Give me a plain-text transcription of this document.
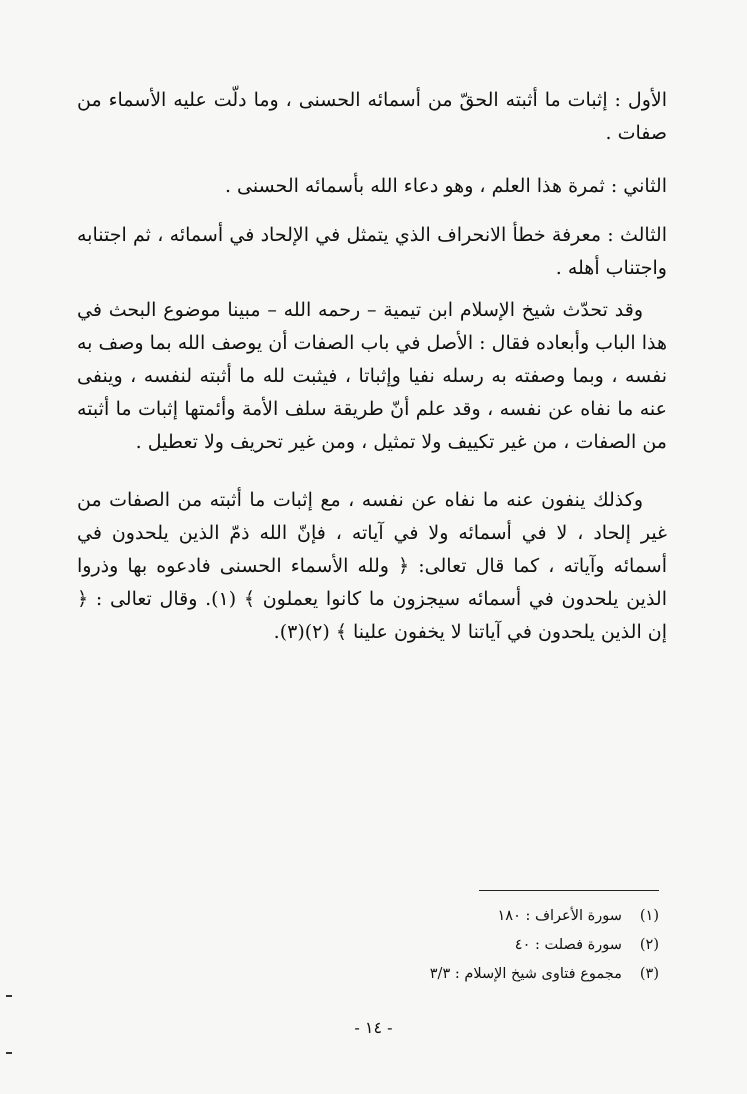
الأول : إثبات ما أثبته الحقّ من أسمائه الحسنى ، وما دلّت عليه الأسماء من صفات .

الثاني : ثمرة هذا العلم ، وهو دعاء الله بأسمائه الحسنى .

الثالث : معرفة خطأ الانحراف الذي يتمثل في الإلحاد في أسمائه ، ثم اجتنابه واجتناب أهله .

وقد تحدّث شيخ الإسلام ابن تيمية – رحمه الله – مبينا موضوع البحث في هذا الباب وأبعاده فقال : الأصل في باب الصفات أن يوصف الله بما وصف به نفسه ، وبما وصفته به رسله نفيا وإثباتا ، فيثبت لله ما أثبته لنفسه ، وينفى عنه ما نفاه عن نفسه ، وقد علم أنّ طريقة سلف الأمة وأئمتها إثبات ما أثبته من الصفات ، من غير تكييف ولا تمثيل ، ومن غير تحريف ولا تعطيل .

وكذلك ينفون عنه ما نفاه عن نفسه ، مع إثبات ما أثبته من الصفات من غير إلحاد ، لا في أسمائه ولا في آياته ، فإنّ الله ذمّ الذين يلحدون في أسمائه وآياته ، كما قال تعالى: ﴿ ولله الأسماء الحسنى فادعوه بها وذروا الذين يلحدون في أسمائه سيجزون ما كانوا يعملون ﴾ (١). وقال تعالى : ﴿ إن الذين يلحدون في آياتنا لا يخفون علينا ﴾ (٢)(٣).

(١)
سورة الأعراف : ١٨٠
(٢)
سورة فصلت : ٤٠
(٣)
مجموع فتاوى شيخ الإسلام : ٣/٣
- ١٤ -
